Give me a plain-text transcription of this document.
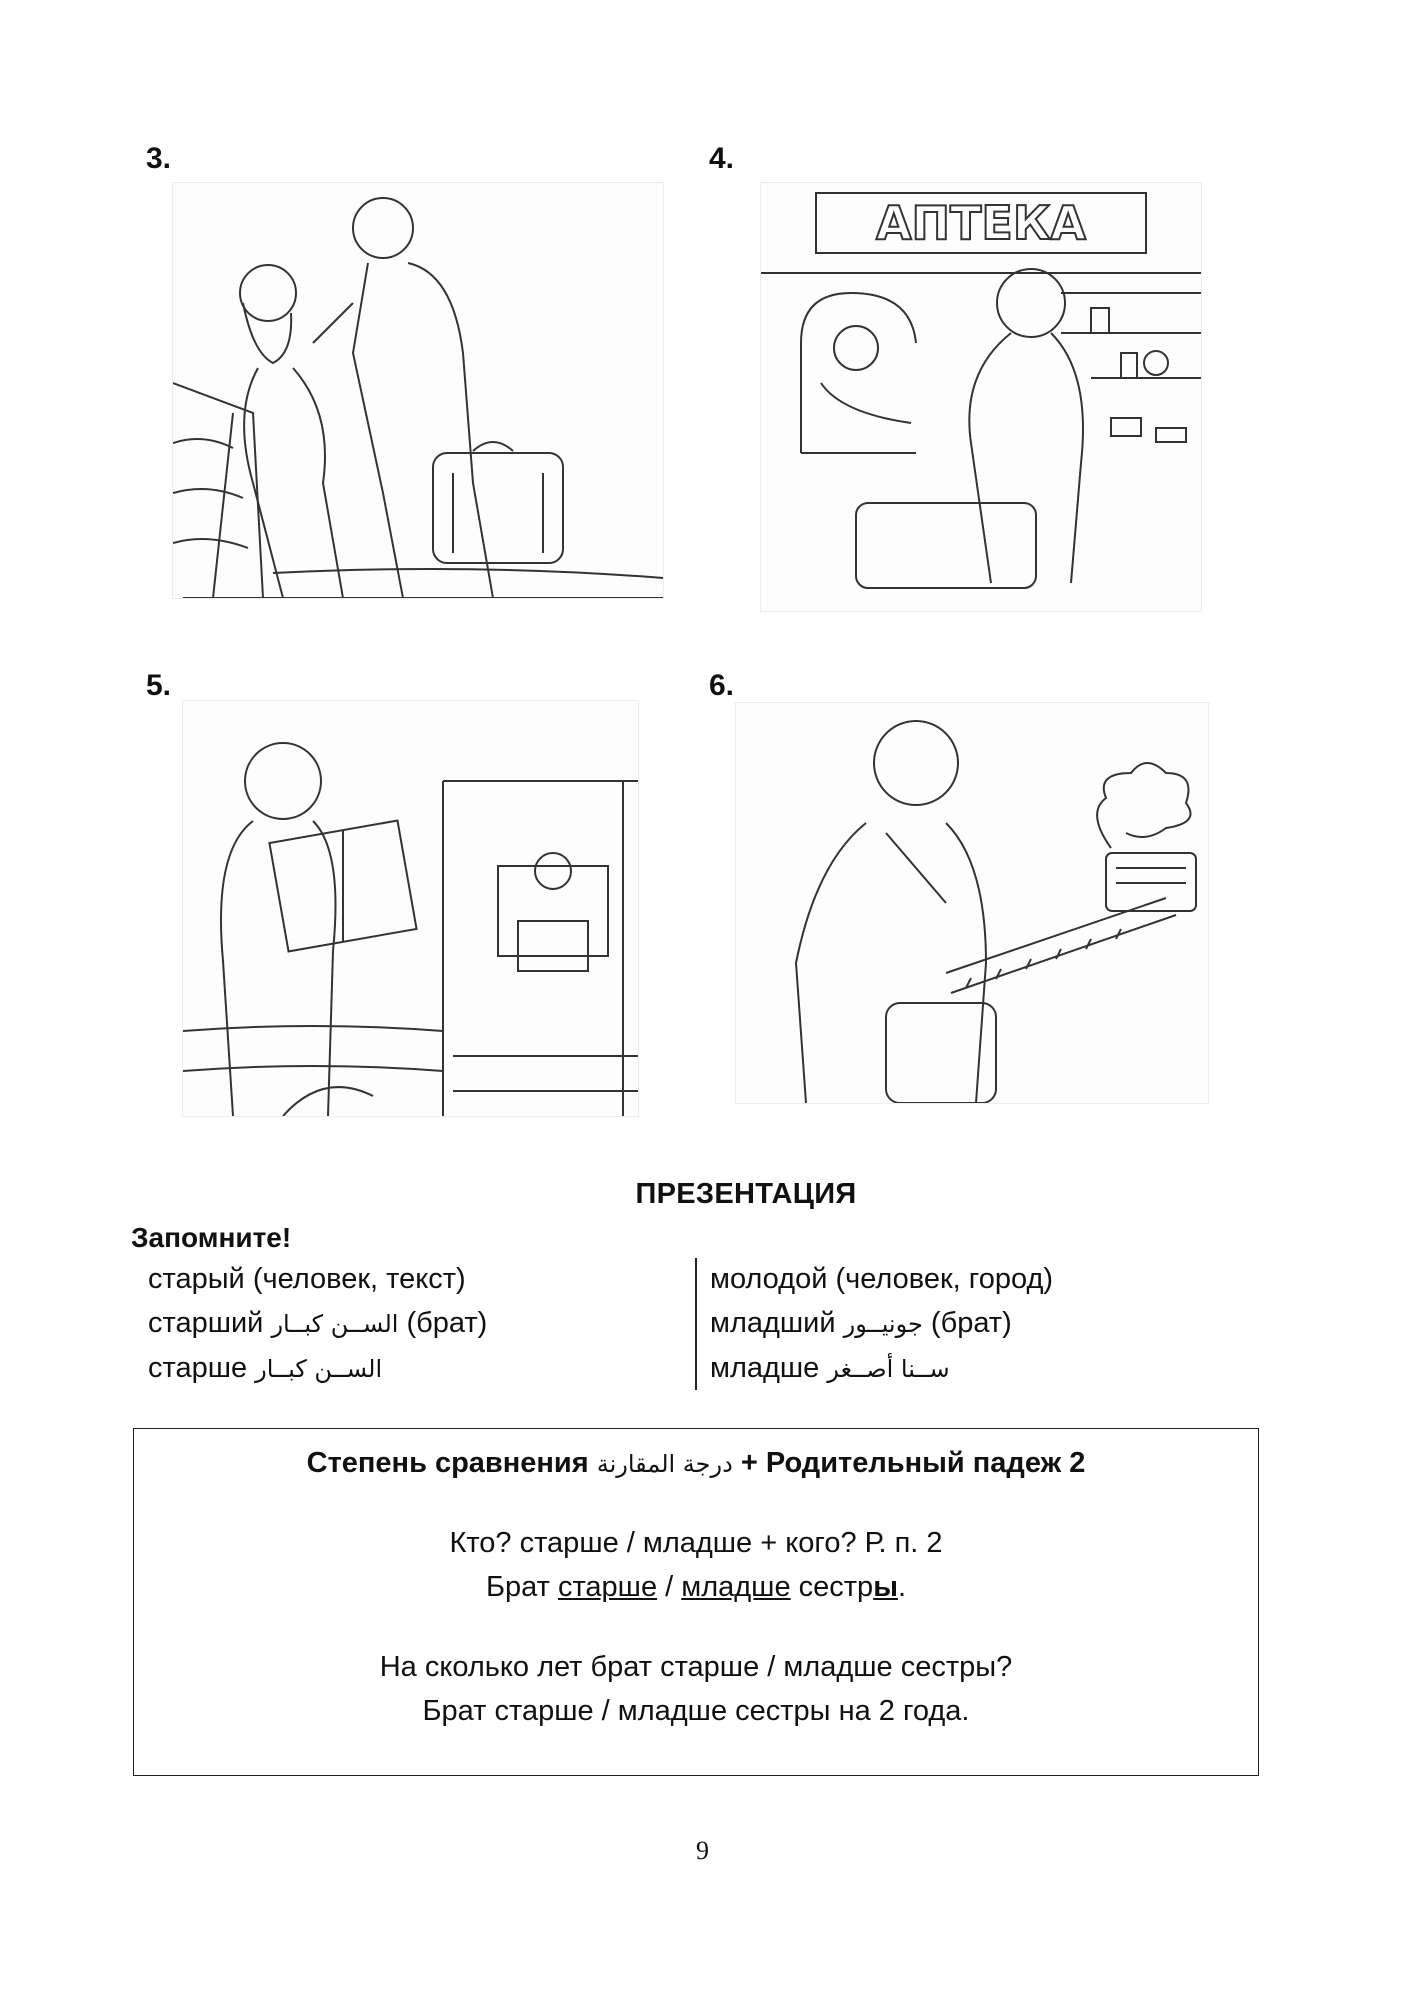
3.	4.
5.	6.
АПТЕКА
ПРЕЗЕНТАЦИЯ
Запомните!
старый (человек, текст)
старший الســن كبــار (брат)
старше الســن كبــار
молодой (человек, город)
младший جونيــور (брат)
младше ســنا أصــغر
Степень сравнения درجة المقارنة + Родительный падеж 2
Кто? старше / младше + кого? Р. п. 2
Брат старше / младше сестры.
На сколько лет брат старше / младше сестры?
Брат старше / младше сестры на 2 года.
9
